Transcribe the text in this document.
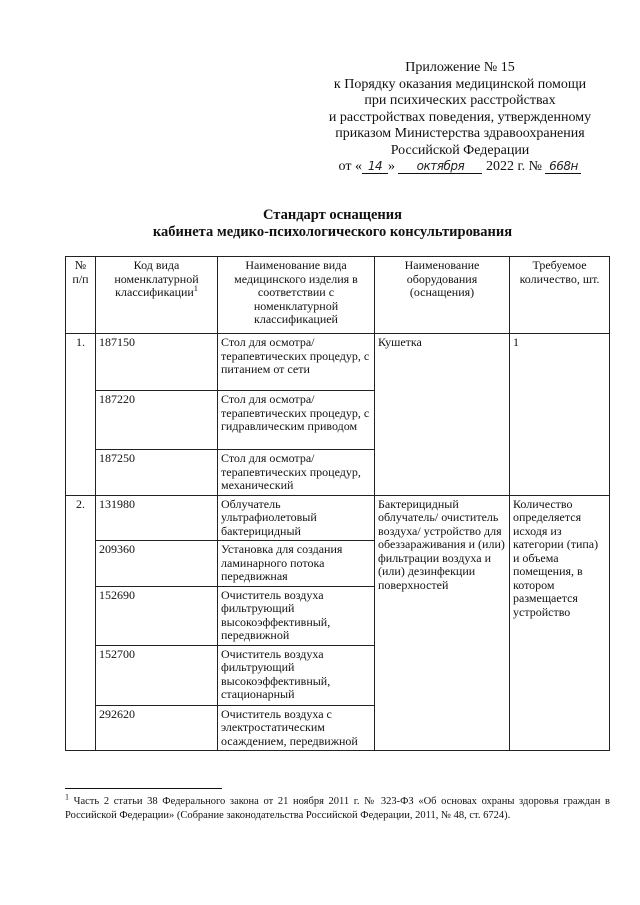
Приложение № 15
к Порядку оказания медицинской помощи
при психических расстройствах
и расстройствах поведения, утвержденному
приказом Министерства здравоохранения
Российской Федерации
от « 14 » октября 2022 г. № 668н
Стандарт оснащения
кабинета медико-психологического консультирования
№ п/п	Код вида номенклатурной классификации$^1$	Наименование вида медицинского изделия в соответствии с номенклатурной классификацией	Наименование оборудования (оснащения)	Требуемое количество, шт.
1.	187150	Стол для осмотра/терапевтических процедур, с питанием от сети	Кушетка	1
	187220	Стол для осмотра/терапевтических процедур, с гидравлическим приводом		
	187250	Стол для осмотра/терапевтических процедур, механический		
2.	131980	Облучатель ультрафиолетовый бактерицидный	Бактерицидный облучатель/ очиститель воздуха/ устройство для обеззараживания и (или) фильтрации воздуха и (или) дезинфекции поверхностей	Количество определяется исходя из категории (типа) и объема помещения, в котором размещается устройство
	209360	Установка для создания ламинарного потока передвижная		
	152690	Очиститель воздуха фильтрующий высокоэффективный, передвижной		
	152700	Очиститель воздуха фильтрующий высокоэффективный, стационарный		
	292620	Очиститель воздуха с электростатическим осаждением, передвижной		
$^1$ Часть 2 статьи 38 Федерального закона от 21 ноября 2011 г. № 323-ФЗ «Об основах охраны здоровья граждан в Российской Федерации» (Собрание законодательства Российской Федерации, 2011, № 48, ст. 6724).
